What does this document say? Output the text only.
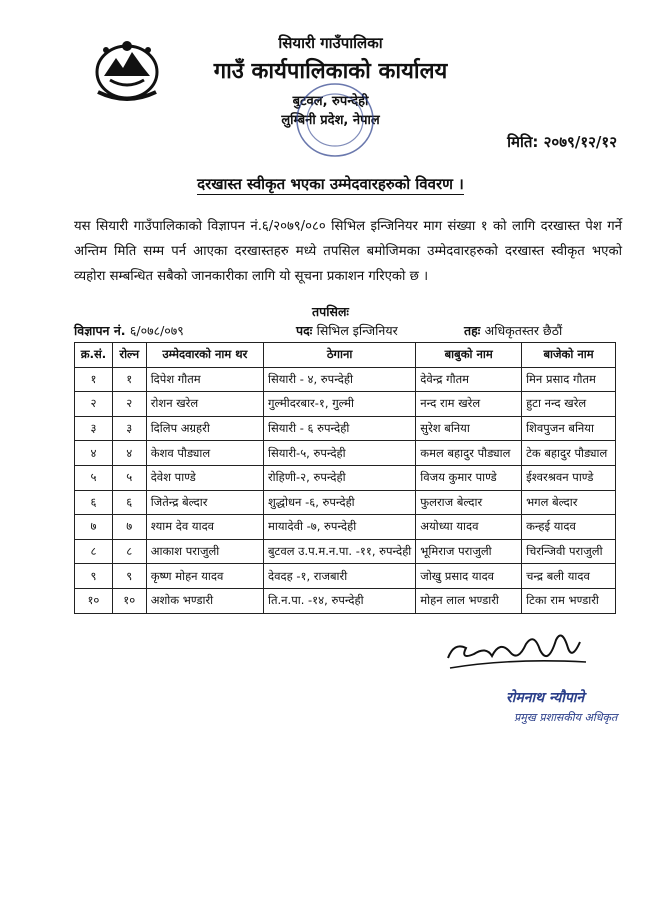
सियारी गाउँपालिका
गाउँ कार्यपालिकाको कार्यालय
बुटवल, रुपन्देही
लुम्बिनी प्रदेश, नेपाल
मिति: २०७९/१२/१२
दरखास्त स्वीकृत भएका उम्मेदवारहरुको विवरण ।
यस सियारी गाउँपालिकाको विज्ञापन नं.६/२०७९/०८० सिभिल इन्जिनियर माग संख्या १ को लागि दरखास्त पेश गर्ने अन्तिम मिति सम्म पर्न आएका दरखास्तहरु मध्ये तपसिल बमोजिमका उम्मेदवारहरुको दरखास्त स्वीकृत भएको व्यहोरा सम्बन्धित सबैको जानकारीका लागि यो सूचना प्रकाशन गरिएको छ ।
तपसिलः
विज्ञापन नं. ६/०७८/०७९	पदः सिभिल इन्जिनियर	तहः अधिकृतस्तर छैठौं
क्र.सं.	रोल्न	उम्मेदवारको नाम थर	ठेगाना	बाबुको नाम	बाजेको नाम
१	१	दिपेश गौतम	सियारी - ४, रुपन्देही	देवेन्द्र गौतम	मिन प्रसाद गौतम
२	२	रोशन खरेल	गुल्मीदरबार-१, गुल्मी	नन्द राम खरेल	हुटा नन्द खरेल
३	३	दिलिप अग्रहरी	सियारी - ६ रुपन्देही	सुरेश बनिया	शिवपुजन बनिया
४	४	केशव पौड्याल	सियारी-५, रुपन्देही	कमल बहादुर पौड्याल	टेक बहादुर पौड्याल
५	५	देवेश पाण्डे	रोहिणी-२, रुपन्देही	विजय कुमार पाण्डे	ईश्वरश्रवन पाण्डे
६	६	जितेन्द्र बेल्दार	शुद्धोधन -६, रुपन्देही	फुलराज बेल्दार	भगल बेल्दार
७	७	श्याम देव यादव	मायादेवी -७, रुपन्देही	अयोध्या यादव	कन्हई यादव
८	८	आकाश पराजुली	बुटवल उ.प.म.न.पा. -११, रुपन्देही	भूमिराज पराजुली	चिरन्जिवी पराजुली
९	९	कृष्ण मोहन यादव	देवदह -१, राजबारी	जोखु प्रसाद यादव	चन्द्र बली यादव
१०	१०	अशोक भण्डारी	ति.न.पा. -१४, रुपन्देही	मोहन लाल भण्डारी	टिका राम भण्डारी
रोमनाथ न्यौपाने
प्रमुख प्रशासकीय अधिकृत
